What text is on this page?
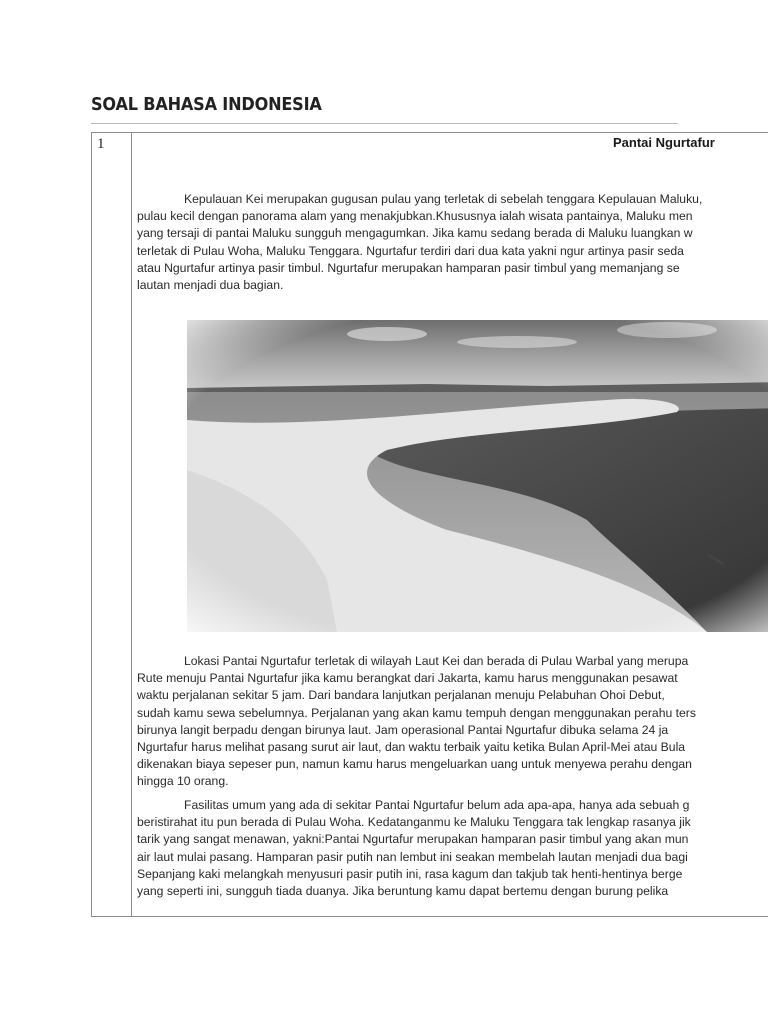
SOAL BAHASA INDONESIA
1	Pantai Ngurtafur
Kepulauan Kei merupakan gugusan pulau yang terletak di sebelah tenggara Kepulauan Maluku,
pulau kecil dengan panorama alam yang menakjubkan.Khususnya ialah wisata pantainya, Maluku men
yang tersaji di pantai Maluku sungguh mengagumkan. Jika kamu sedang berada di Maluku luangkan w
terletak di Pulau Woha, Maluku Tenggara. Ngurtafur terdiri dari dua kata yakni ngur artinya pasir seda
atau Ngurtafur artinya pasir timbul. Ngurtafur merupakan hamparan pasir timbul yang memanjang se
lautan menjadi dua bagian.
Lokasi Pantai Ngurtafur terletak di wilayah Laut Kei dan berada di Pulau Warbal yang merupa
Rute menuju Pantai Ngurtafur jika kamu berangkat dari Jakarta, kamu harus menggunakan pesawat
waktu perjalanan sekitar 5 jam. Dari bandara lanjutkan perjalanan menuju Pelabuhan Ohoi Debut,
sudah kamu sewa sebelumnya. Perjalanan yang akan kamu tempuh dengan menggunakan perahu ters
birunya langit berpadu dengan birunya laut. Jam operasional Pantai Ngurtafur dibuka selama 24 ja
Ngurtafur harus melihat pasang surut air laut, dan waktu terbaik yaitu ketika Bulan April-Mei atau Bula
dikenakan biaya sepeser pun, namun kamu harus mengeluarkan uang untuk menyewa perahu dengan
hingga 10 orang.
Fasilitas umum yang ada di sekitar Pantai Ngurtafur belum ada apa-apa, hanya ada sebuah g
beristirahat itu pun berada di Pulau Woha. Kedatanganmu ke Maluku Tenggara tak lengkap rasanya jik
tarik yang sangat menawan, yakni:Pantai Ngurtafur merupakan hamparan pasir timbul yang akan mun
air laut mulai pasang. Hamparan pasir putih nan lembut ini seakan membelah lautan menjadi dua bagi
Sepanjang kaki melangkah menyusuri pasir putih ini, rasa kagum dan takjub tak henti-hentinya berge
yang seperti ini, sungguh tiada duanya. Jika beruntung kamu dapat bertemu dengan burung pelika
